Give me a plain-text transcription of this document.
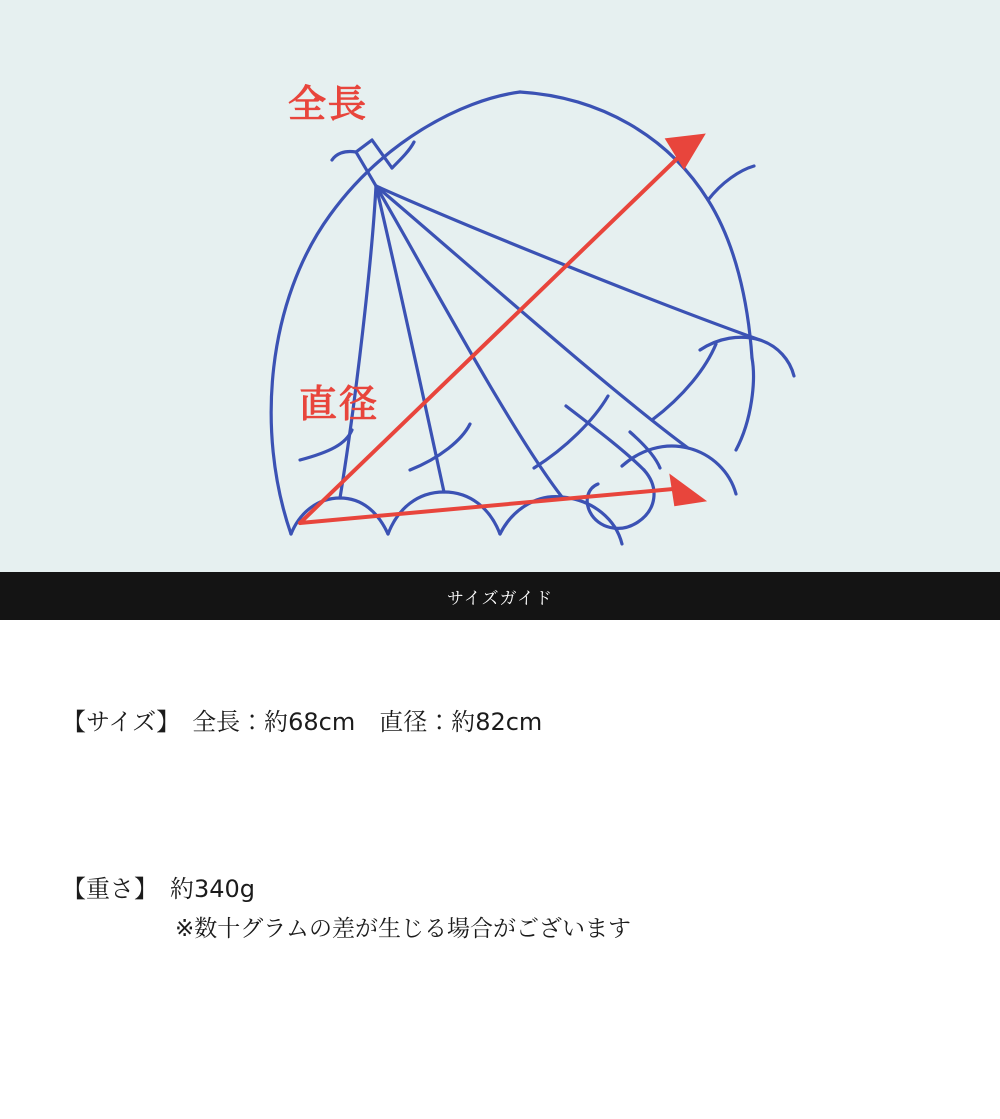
全長
直径
サイズガイド
【サイズ】　全長：約68cm　直径：約82cm
【重さ】　約340g
※数十グラムの差が生じる場合がございます
